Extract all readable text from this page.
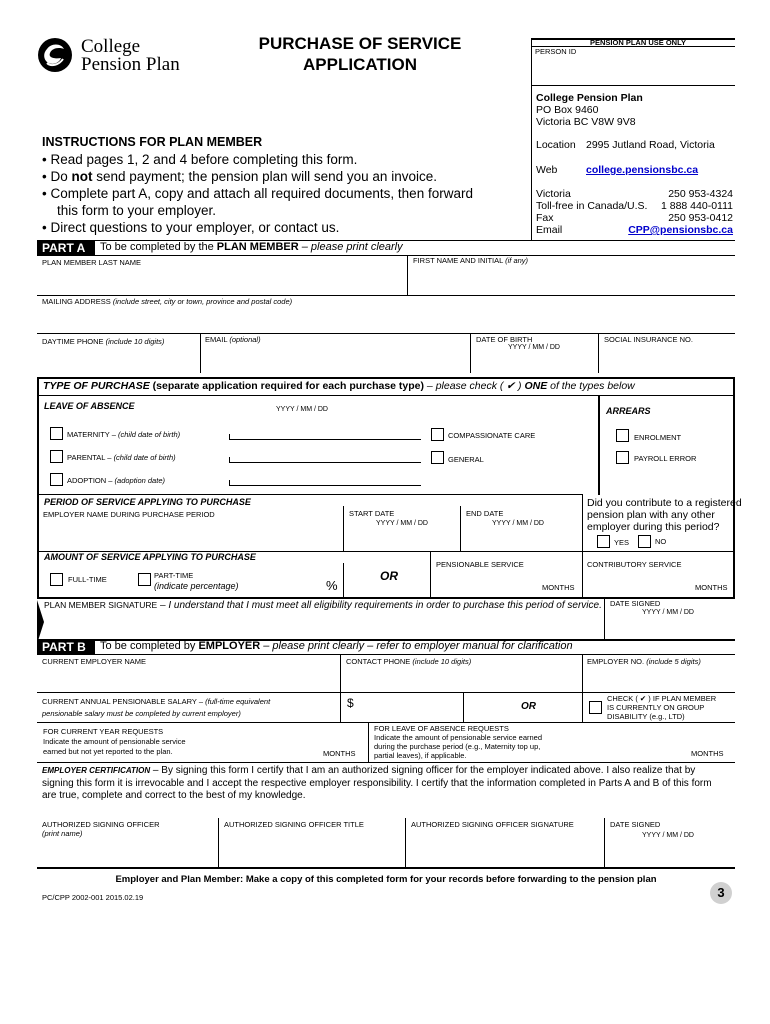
College
Pension Plan
PURCHASE OF SERVICE
APPLICATION
PENSION PLAN USE ONLY
PERSON ID
College Pension Plan
PO Box 9460
Victoria BC V8W 9V8
Location 2995 Jutland Road, Victoria
Web	college.pensionsbc.ca
Victoria	250 953-4324
Toll-free in Canada/U.S.	1 888 440-0111
Fax	250 953-0412
Email	CPP@pensionsbc.ca
INSTRUCTIONS FOR PLAN MEMBER
• Read pages 1, 2 and 4 before completing this form.
• Do not send payment; the pension plan will send you an invoice.
• Complete part A, copy and attach all required documents, then forward
this form to your employer.
• Direct questions to your employer, or contact us.
PART A	To be completed by the PLAN MEMBER – please print clearly
PLAN MEMBER LAST NAME	FIRST NAME AND INITIAL (if any)
MAILING ADDRESS (include street, city or town, province and postal code)
DAYTIME PHONE (include 10 digits)	EMAIL (optional)	DATE OF BIRTH
YYYY / MM / DD
SOCIAL INSURANCE NO.
TYPE OF PURCHASE (separate application required for each purchase type) – please check ( ✔ ) ONE of the types below
LEAVE OF ABSENCE	YYYY / MM / DD	ARREARS
MATERNITY – (child date of birth)	COMPASSIONATE CARE	ENROLMENT
PARENTAL – (child date of birth)	GENERAL	PAYROLL ERROR
ADOPTION – (adoption date)
PERIOD OF SERVICE APPLYING TO PURCHASE
EMPLOYER NAME DURING PURCHASE PERIOD	START DATE
YYYY / MM / DD
END DATE
YYYY / MM / DD
Did you contribute to a registered
pension plan with any other
employer during this period?
YES	NO
AMOUNT OF SERVICE APPLYING TO PURCHASE
FULL-TIME	PART-TIME
(indicate percentage)	%
OR
PENSIONABLE SERVICE
MONTHS
CONTRIBUTORY SERVICE
MONTHS
PLAN MEMBER SIGNATURE – I understand that I must meet all eligibility requirements in order to purchase this period of service. DATE SIGNED
YYYY / MM / DD
PART B	To be completed by EMPLOYER – please print clearly – refer to employer manual for clarification
CURRENT EMPLOYER NAME	CONTACT PHONE (include 10 digits)	EMPLOYER NO. (include 5 digits)
CURRENT ANNUAL PENSIONABLE SALARY – (full-time equivalent
pensionable salary must be completed by current employer)
$	OR
CHECK ( ✔ ) IF PLAN MEMBER
IS CURRENTLY ON GROUP
DISABILITY (e.g., LTD)
FOR CURRENT YEAR REQUESTS
Indicate the amount of pensionable service
earned but not yet reported to the plan.	MONTHS
FOR LEAVE OF ABSENCE REQUESTS
Indicate the amount of pensionable service earned
during the purchase period (e.g., Maternity top up,
partial leaves), if applicable.	MONTHS
EMPLOYER CERTIFICATION – By signing this form I certify that I am an authorized signing officer for the employer indicated above. I also realize that by
signing this form it is irrevocable and I accept the respective employer responsibility. I certify that the information completed in Parts A and B of this form
are true, complete and correct to the best of my knowledge.
AUTHORIZED SIGNING OFFICER
(print name)
AUTHORIZED SIGNING OFFICER TITLE	AUTHORIZED SIGNING OFFICER SIGNATURE	DATE SIGNED
YYYY / MM / DD
Employer and Plan Member: Make a copy of this completed form for your records before forwarding to the pension plan
PC/CPP 2002-001 2015.02.19	3
